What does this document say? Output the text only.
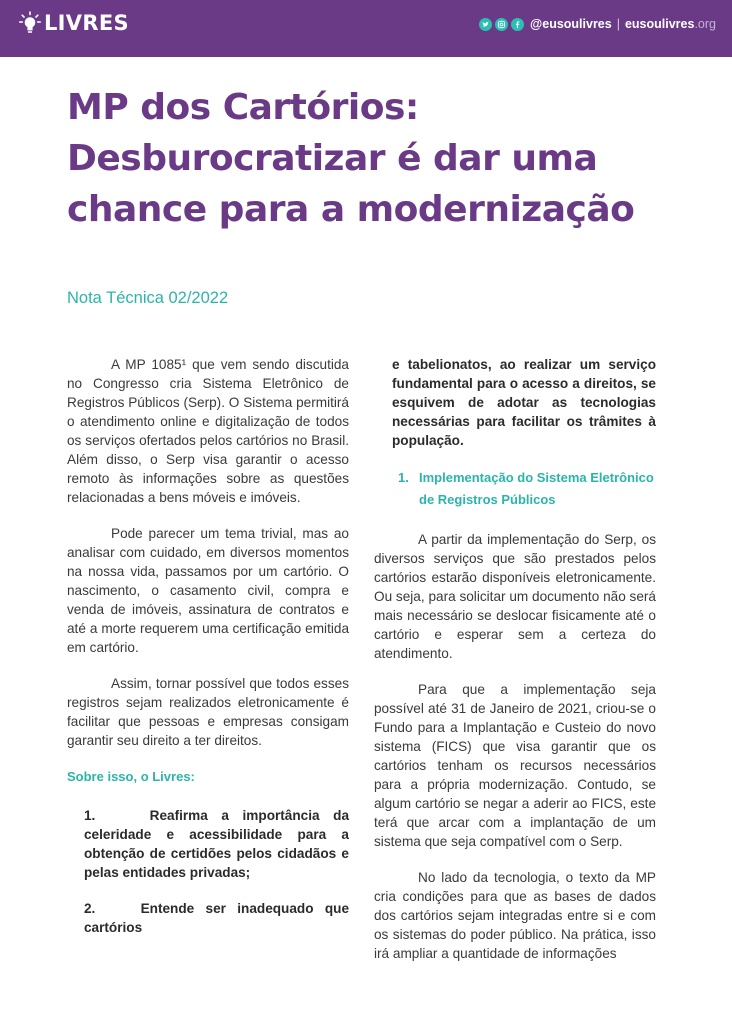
LIVRES	@eusoulivres | eusoulivres.org
MP dos Cartórios: Desburocratizar é dar uma chance para a modernização
Nota Técnica 02/2022

A MP 1085¹ que vem sendo discutida no Congresso cria Sistema Eletrônico de Registros Públicos (Serp). O Sistema permitirá o atendimento online e digitalização de todos os serviços ofertados pelos cartórios no Brasil. Além disso, o Serp visa garantir o acesso remoto às informações sobre as questões relacionadas a bens móveis e imóveis.

Pode parecer um tema trivial, mas ao analisar com cuidado, em diversos momentos na nossa vida, passamos por um cartório. O nascimento, o casamento civil, compra e venda de imóveis, assinatura de contratos e até a morte requerem uma certificação emitida em cartório.

Assim, tornar possível que todos esses registros sejam realizados eletronicamente é facilitar que pessoas e empresas consigam garantir seu direito a ter direitos.

Sobre isso, o Livres:

1.	Reafirma a importância da celeridade e acessibilidade para a obtenção de certidões pelos cidadãos e pelas entidades privadas;
2.	Entende ser inadequado que cartórios

e tabelionatos, ao realizar um serviço fundamental para o acesso a direitos, se esquivem de adotar as tecnologias necessárias para facilitar os trâmites à população.

1. Implementação do Sistema Eletrônico de Registros Públicos

A partir da implementação do Serp, os diversos serviços que são prestados pelos cartórios estarão disponíveis eletronicamente. Ou seja, para solicitar um documento não será mais necessário se deslocar fisicamente até o cartório e esperar sem a certeza do atendimento.

Para que a implementação seja possível até 31 de Janeiro de 2021, criou-se o Fundo para a Implantação e Custeio do novo sistema (FICS) que visa garantir que os cartórios tenham os recursos necessários para a própria modernização. Contudo, se algum cartório se negar a aderir ao FICS, este terá que arcar com a implantação de um sistema que seja compatível com o Serp.

No lado da tecnologia, o texto da MP cria condições para que as bases de dados dos cartórios sejam integradas entre si e com os sistemas do poder público. Na prática, isso irá ampliar a quantidade de informações
